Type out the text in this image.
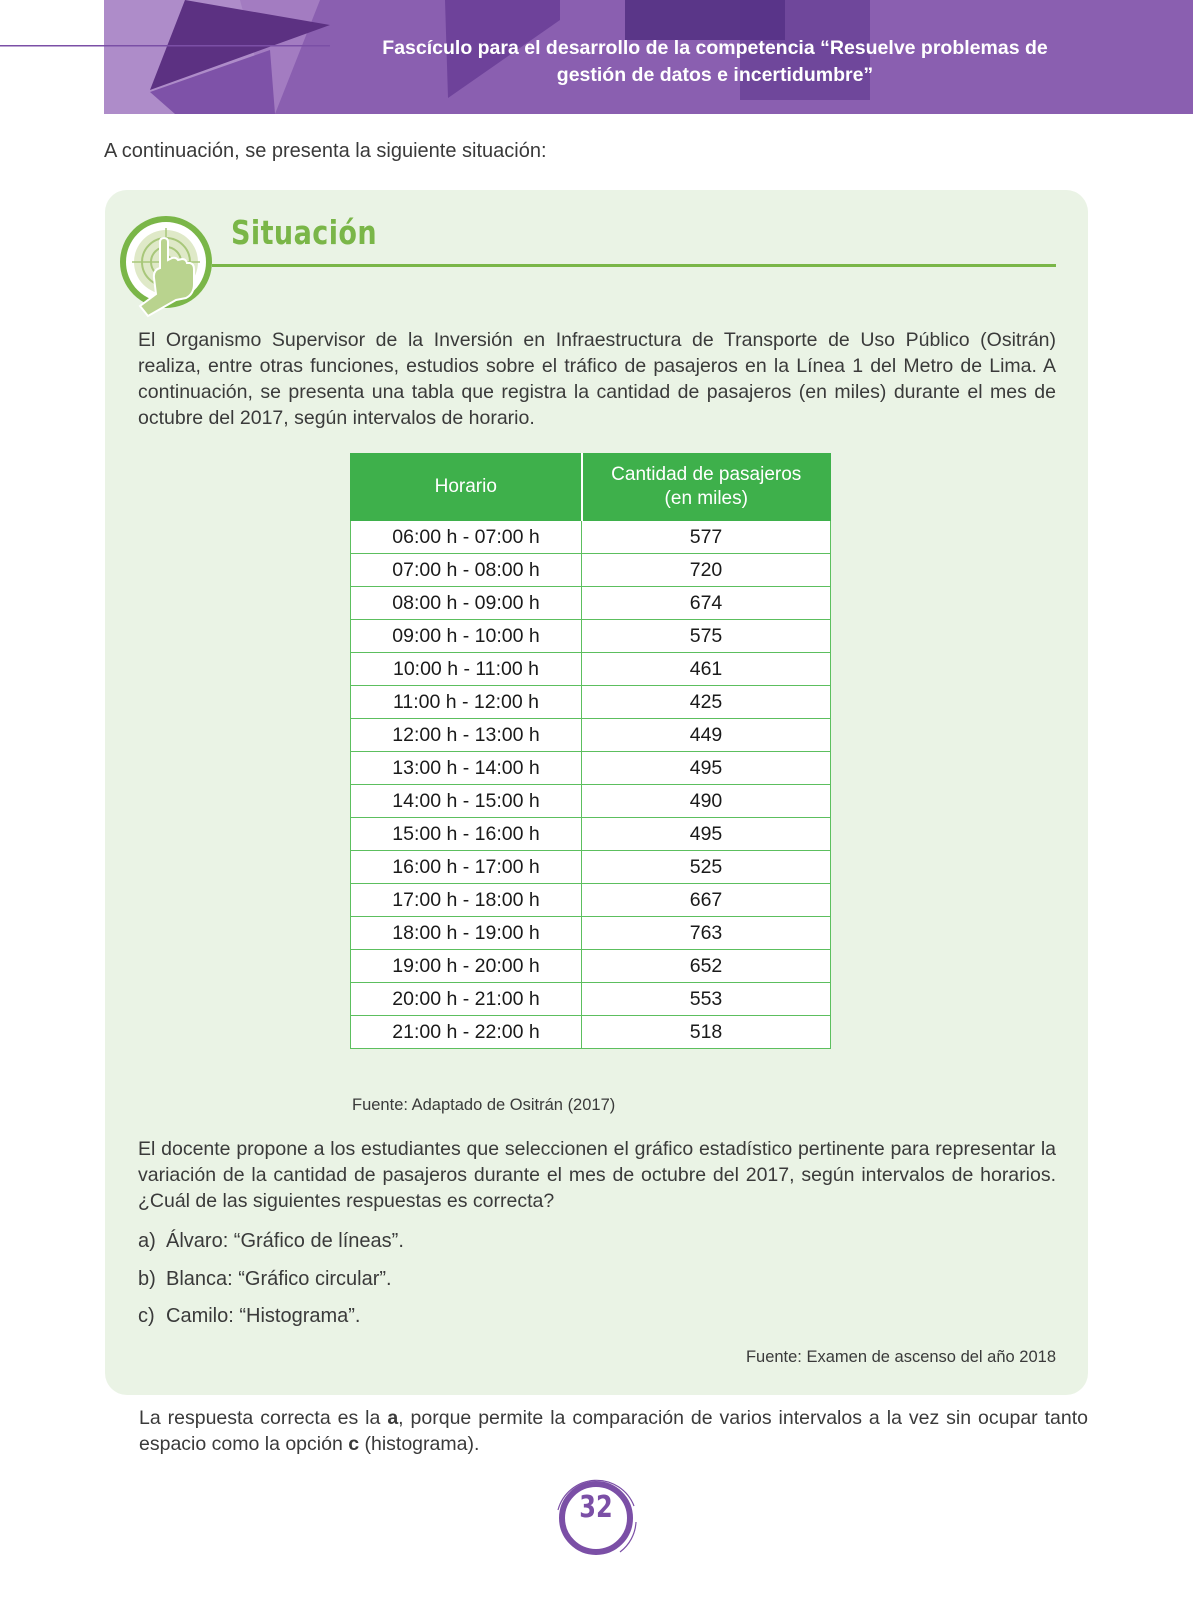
Fascículo para el desarrollo de la competencia “Resuelve problemas de
gestión de datos e incertidumbre”
A continuación, se presenta la siguiente situación:
Situación
El Organismo Supervisor de la Inversión en Infraestructura de Transporte de Uso Público (Ositrán) realiza, entre otras funciones, estudios sobre el tráfico de pasajeros en la Línea 1 del Metro de Lima. A continuación, se presenta una tabla que registra la cantidad de pasajeros (en miles) durante el mes de octubre del 2017, según intervalos de horario.
Horario	Cantidad de pasajeros
(en miles)
06:00 h - 07:00 h	577
07:00 h - 08:00 h	720
08:00 h - 09:00 h	674
09:00 h - 10:00 h	575
10:00 h - 11:00 h	461
11:00 h - 12:00 h	425
12:00 h - 13:00 h	449
13:00 h - 14:00 h	495
14:00 h - 15:00 h	490
15:00 h - 16:00 h	495
16:00 h - 17:00 h	525
17:00 h - 18:00 h	667
18:00 h - 19:00 h	763
19:00 h - 20:00 h	652
20:00 h - 21:00 h	553
21:00 h - 22:00 h	518
Fuente: Adaptado de Ositrán (2017)
El docente propone a los estudiantes que seleccionen el gráfico estadístico pertinente para representar la variación de la cantidad de pasajeros durante el mes de octubre del 2017, según intervalos de horarios. ¿Cuál de las siguientes respuestas es correcta?
a) Álvaro: “Gráfico de líneas”.
b) Blanca: “Gráfico circular”.
c) Camilo: “Histograma”.
Fuente: Examen de ascenso del año 2018
La respuesta correcta es la a, porque permite la comparación de varios intervalos a la vez sin ocupar tanto espacio como la opción c (histograma).
32
